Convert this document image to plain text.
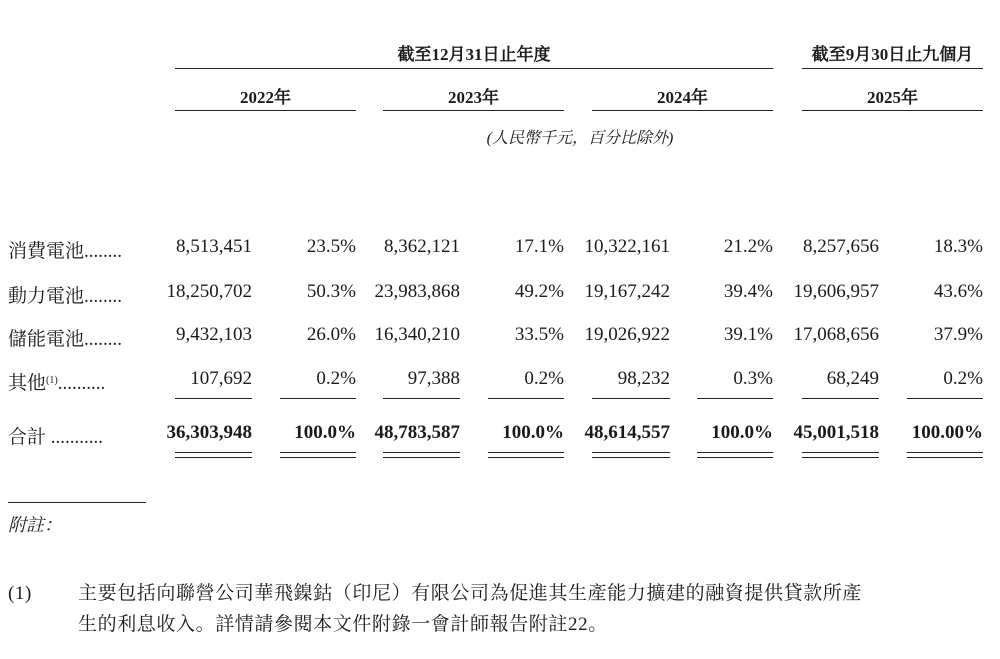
截至12月31日止年度	截至9月30日止九個月
2022年	2023年	2024年	2025年
(人民幣千元，百分比除外)
消費電池........	8,513,451	23.5%	8,362,121	17.1%	10,322,161	21.2%	8,257,656	18.3%
動力電池........	18,250,702	50.3% 23,983,868	49.2%	19,167,242	39.4%	19,606,957	43.6%
儲能電池........	9,432,103	26.0% 16,340,210	33.5%	19,026,922	39.1%	17,068,656	37.9%
其他$^{(1)}$..........	107,692	0.2%	97,388	0.2%	98,232	0.3%	68,249	0.2%
合計 ...........	36,303,948	100.0% 48,783,587	100.0%	48,614,557	100.0%	45,001,518	100.00%
附註：
(1) 主要包括向聯營公司華飛鎳鈷（印尼）有限公司為促進其生產能力擴建的融資提供貸款所產
生的利息收入。詳情請參閱本文件附錄一會計師報告附註22。
